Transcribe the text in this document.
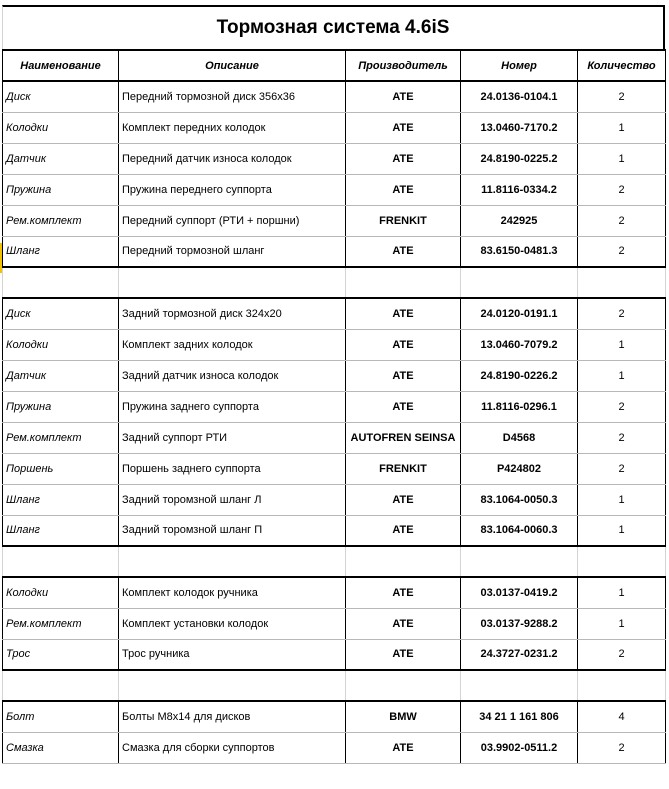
Тормозная система 4.6iS
Наименование	Описание	Производитель	Номер	Количество
Диск	Передний тормозной диск 356x36	ATE	24.0136-0104.1	2
Колодки	Комплект передних колодок	ATE	13.0460-7170.2	1
Датчик	Передний датчик износа колодок	ATE	24.8190-0225.2	1
Пружина	Пружина переднего суппорта	ATE	11.8116-0334.2	2
Рем.комплект	Передний суппорт (РТИ + поршни)	FRENKIT	242925	2
Шланг	Передний тормозной шланг	ATE	83.6150-0481.3	2

Диск	Задний тормозной диск 324x20	ATE	24.0120-0191.1	2
Колодки	Комплект задних колодок	ATE	13.0460-7079.2	1
Датчик	Задний датчик износа колодок	ATE	24.8190-0226.2	1
Пружина	Пружина заднего суппорта	ATE	11.8116-0296.1	2
Рем.комплект	Задний суппорт РТИ	AUTOFREN SEINSA	D4568	2
Поршень	Поршень заднего суппорта	FRENKIT	P424802	2
Шланг	Задний торомзной шланг Л	ATE	83.1064-0050.3	1
Шланг	Задний торомзной шланг П	ATE	83.1064-0060.3	1

Колодки	Комплект колодок ручника	ATE	03.0137-0419.2	1
Рем.комплект	Комплект установки колодок	ATE	03.0137-9288.2	1
Трос	Трос ручника	ATE	24.3727-0231.2	2

Болт	Болты M8x14 для дисков	BMW	34 21 1 161 806	4
Смазка	Смазка для сборки суппортов	ATE	03.9902-0511.2	2
